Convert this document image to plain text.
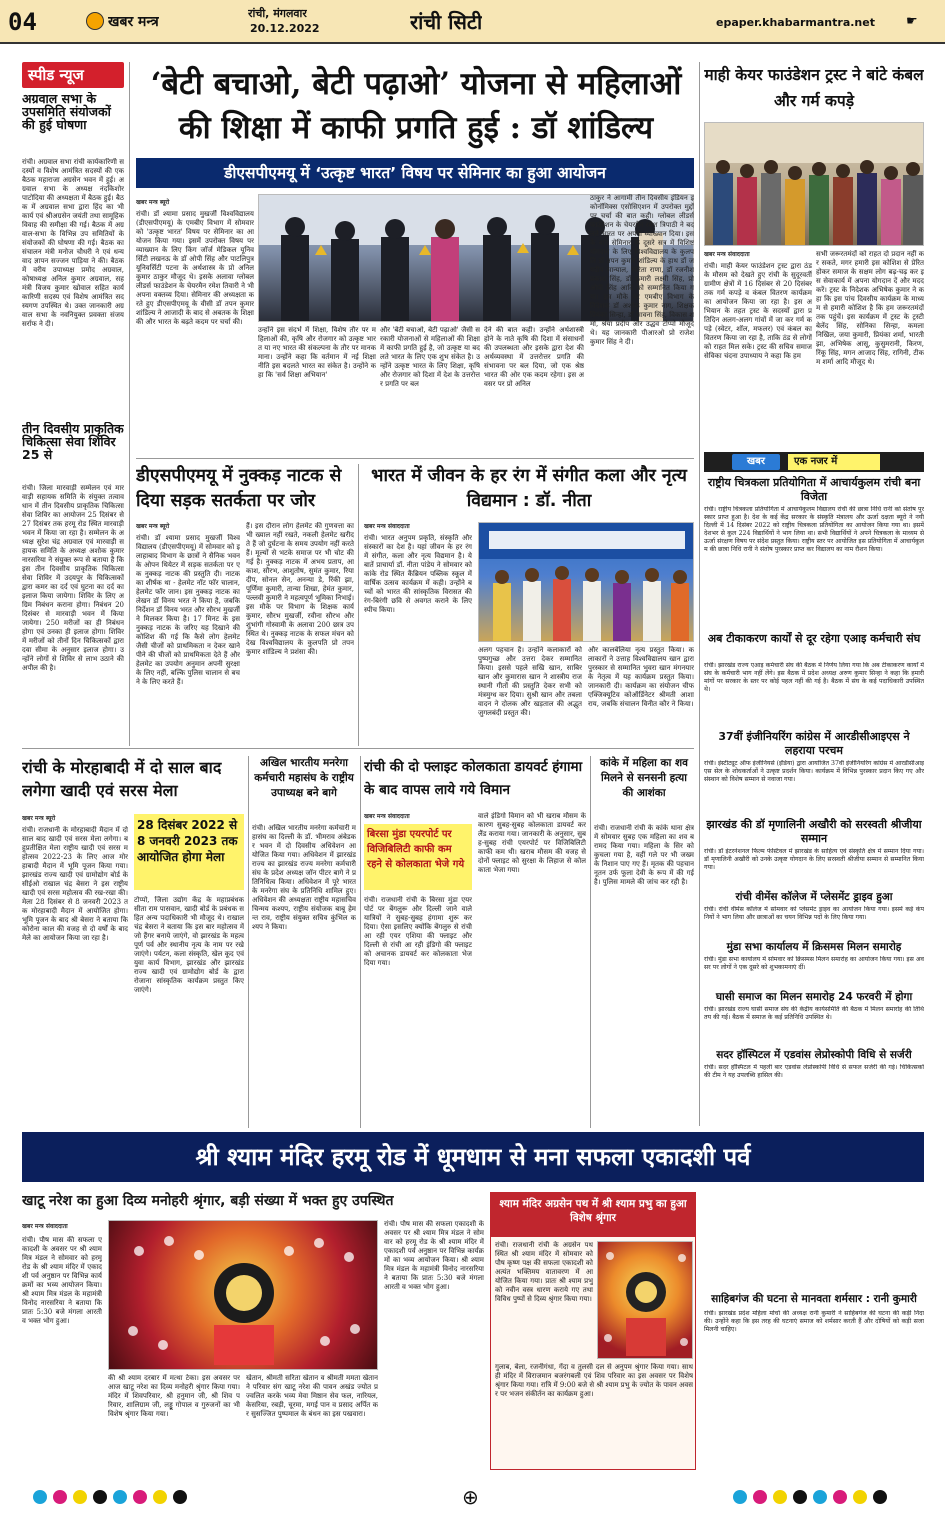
04	खबर मन्त्र
रांची, मंगलवार
20.12.2022	रांची सिटी	epaper.khabarmantra.net ☛
स्पीड न्यूज
अग्रवाल सभा के उपसमिति संयोजकों की हुई घोषणा
रांची। अग्रवाल सभा रांची कार्यकारिणी सदस्यों व विशेष आमंत्रित सदस्यों की एक बैठक महाराजा अग्रसेन भवन में हुई। अग्रवाल सभा के अध्यक्ष नंदकिशोर पाटोदिया की अध्यक्षता में बैठक हुई। बैठक में अग्रवाल सभा द्वारा हिंद का भी कार्य एवं श्रीअग्रसेन जयंती तथा सामूहिक विवाह की समीक्षा की गई। बैठक में अग्रवाल-सभा के विभिन्न उप समितियों के संयोजकों की घोषणा की गई। बैठक का संचालन मंत्री मनोज चौधरी ने एवं धन्यवाद ज्ञापन सज्जन पाड़िया ने की। बैठक में वरीय उपाध्यक्ष प्रमोद अग्रवाल, कोषाध्यक्ष अनिल कुमार अग्रवाल, सहमंत्री विजय कुमार खोवाल सहित कार्यकारिणी सदस्य एवं विशेष आमंत्रित सदस्यगण उपस्थित थे। उक्त जानकारी अग्रवाल सभा के नवनियुक्त प्रवक्ता संजय सर्राफ ने दी।
तीन दिवसीय प्राकृतिक चिकित्सा सेवा शिविर 25 से
रांची। जिला मारवाड़ी सम्मेलन एवं मारवाड़ी सहायक समिति के संयुक्त तत्वावधान में तीन दिवसीय प्राकृतिक चिकित्सा सेवा शिविर का आयोजन 25 दिसंबर से 27 दिसंबर तक हरमू रोड स्थित मारवाड़ी भवन में किया जा रहा है। सम्मेलन के अध्यक्ष सुरेश चंद्र अग्रवाल एवं मारवाड़ी सहायक समिति के अध्यक्ष अशोक कुमार नारसरिया ने संयुक्त रूप से बताया है कि इस तीन दिवसीय प्राकृतिक चिकित्सा सेवा शिविर में उदयपुर के चिकित्सकों द्वारा कमर का दर्द एवं घुटना का दर्द का इलाज किया जायेगा। शिविर के लिए अग्रिम निबंधन कराना होगा। निबंधन 20 दिसंबर से मारवाड़ी भवन में किया जायेगा। 250 मरीजों का ही निबंधन होगा एवं उनका ही इलाज होगा। शिविर में मरीजों को तीनों दिन चिकित्सकों द्वारा दवा सीमा के अनुसार इलाज होगा। उन्होंने लोगों से शिविर से लाभ उठाने की अपील की है।
‘बेटी बचाओ, बेटी पढ़ाओ’ योजना से महिलाओं की शिक्षा में काफी प्रगति हुई : डॉ शांडिल्य
डीएसपीएमयू में ‘उत्कृष्ट भारत’ विषय पर सेमिनार का हुआ आयोजन
खबर मन्त्र ब्यूरो
रांची। डॉ श्यामा प्रसाद मुखर्जी विश्वविद्यालय (डीएसपीएमयू) के एमबीए विभाग में सोमवार को 'उत्कृष्ट भारत' विषय पर सेमिनार का आयोजन किया गया। इसमें उपरोक्त विषय पर व्याख्यान के लिए किंग जॉर्ज मेडिकल यूनिवर्सिटी लखनऊ के डॉ ओपी सिंह और पाटलिपुत्र यूनिवर्सिटी पटना के अर्थशास्त्र के प्रो अनिल कुमार ठाकुर मौजूद थे। इसके अलावा ग्लोबल लीडर्स फाउंडेशन के चेयरमैन रमेश तिवारी ने भी अपना वक्तव्य दिया। सेमिनार की अध्यक्षता करते हुए डीएसपीएमयू के वीसी डॉ तपन कुमार शांडिल्य ने आजादी के बाद से अबतक के शिक्षा की और भारत के बढ़ते कदम पर चर्चा की।
उन्होंने इस संदर्भ में शिक्षा, विशेष तौर पर महिलाओं की, कृषि और रोजगार को उत्कृष्ट भारत या नए भारत की संकल्पना के तौर पर मानक माना। उन्होंने कहा कि वर्तमान में नई शिक्षा नीति इस बदलते भारत का संकेत है। उन्होंने कहा कि 'सर्व शिक्षा अभियान'
और 'बेटी बचाओ, बेटी पढ़ाओ' जैसी सरकारी योजनाओं से महिलाओं की शिक्षा में काफी प्रगति हुई है, जो उत्कृष्ट या बदलते भारत के लिए एक शुभ संकेत है। उन्होंने उत्कृष्ट भारत के लिए शिक्षा, कृषि और रोजगार को दिशा में देश के उत्तरोत्तर प्रगति पर बल
देने की बात कही। उन्होंने अर्थशास्त्री होने के नाते कृषि की दिशा में संसाधनों की उपलब्धता और इसके द्वारा देश की अर्थव्यवस्था में उत्तरोत्तर प्रगति की संभावना पर बल दिया, जो एक श्रेष्ठ भारत की ओर एक कदम रहेगा। इस अवसर पर प्रो अनिल
ठाकुर ने आगामी तीन दिवसीय इंडियन इकोनॉमिक्स एसोसिएशन में उपरोक्त मुद्दों पर चर्चा की बात कही। ग्लोबल लीडर्स फाउंडेशन के चेयरमैन रमेश त्रिपाठी ने बदलते भारत पर अपना व्याख्यान दिया। इसके बाद सेमिनार के दूसरे सत्र में विशिष्ट योगदान के लिए विश्वविद्यालय के कुलपति डॉ तपन कुमार शांडिल्य के हाथ डॉ जयदीप सान्याल, सरिता राणा, डॉ रजनीश प्रकाश सिंह, डॉ कुमारी लक्ष्मी सिंह, प्रो ओपी सिंह आदि को सम्मानित किया गया। इस मौके पर एमबीए विभाग के निदेशक डॉ अशोक कुमार नाग, शिक्षक प्रियंका सिन्हा, डॉ भावना सिंह, विकास शर्मा, श्रेया प्रदीप और उद्धव टोप्पो मौजूद थे। यह जानकारी पीआरओ प्रो राजेश कुमार सिंह ने दी।
डीएसपीएमयू में नुक्कड़ नाटक से दिया सड़क सतर्कता पर जोर
खबर मन्त्र ब्यूरो
रांची। डॉ श्यामा प्रसाद मुखर्जी विश्वविद्यालय (डीएसपीएमयू) में सोमवार को इलाहाबाद विभाग के छात्रों ने सैनिक भवन के ओपन थियेटर में सड़क सतर्कता पर एक नुक्कड़ नाटक की प्रस्तुति दी। नाटक का शीर्षक था - हेलमेट नॉट फॉर चालान, हेलमेट फॉर जान। इस नुक्कड़ नाटक का लेखन डॉ विनय भरत ने किया है, जबकि निर्देशन डॉ विनय भरत और सौरभ मुखर्जी ने मिलकर किया है। 17 मिनट के इस नुक्कड़ नाटक के जरिए यह दिखाने की कोशिश की गई कि कैसे लोग हेलमेट जैसी चीजों को प्राथमिकता न देकर खाने पीने की चीजों को प्राथमिकता देते हैं और हेलमेट का उपयोग अनुमान अपनी सुरक्षा के लिए नहीं, बल्कि पुलिस चालान से बचने के लिए करते हैं।
हैं। इस दौरान लोग हेलमेट की गुणवत्ता का भी ख्याल नहीं रखते, नकली हेलमेट खरीदते हैं जो दुर्घटना के समय उपयोग नहीं करते हैं। मूल्यों से भटके समाज पर भी चोट की गई है। नुक्कड़ नाटक में अभय प्रताप, आकाश, सौरभ, आशुतोष, सुमंत कुमार, रिया दीप, सोनल सेन, अनन्या डे, रिंकी झा, पूर्णिमा कुमारी, तान्या शिखा, हेमंत कुमार, पल्लवी कुमारी ने महत्वपूर्ण भूमिका निभाई। इस मौके पर विभाग के शिक्षक कार्य कुमार, सौरभ मुखर्जी, रवीना सौरभ और शुभांगी गोस्वामी के अलावा 200 छात्र उपस्थित थे। नुक्कड़ नाटक के सफल मंचन को देख विश्वविद्यालय के कुलपति प्रो तपन कुमार शांडिल्य ने प्रशंसा की।
भारत में जीवन के हर रंग में संगीत कला और नृत्य विद्यमान : डॉ. नीता
खबर मन्त्र संवाददाता
रांची। भारत अनुपम प्रकृति, संस्कृति और संस्कारों का देश है। यहां जीवन के हर रंग में संगीत, कला और नृत्य विद्यमान है। ये बातें प्राचार्या डॉ. नीता पांडेय ने सोमवार को कांके रोड स्थित कैंब्रियन पब्लिक स्कूल में वार्षिक उत्सव कार्यक्रम में कही। उन्होंने बच्चों को भारत की सांस्कृतिक विरासत की रंग-बिरंगी छवि से अवगत कराने के लिए स्पीच किया।
अलग पहचान है। उन्होंने कलाकारों को पुष्पगुच्छ और उत्तरा देकर सम्मानित किया। इससे पहले सखि खान, साबिर खान और कुमारास खान ने शास्त्रीय राजस्थानी गीतों की प्रस्तुति देकर सभी को मंत्रमुग्ध कर दिया। सुश्री खान और तबला वादन ने दोलक और खड़ताल की अद्भुत जुगलबंदी प्रस्तुत की।
और कालबेलिया नृत्य प्रस्तुत किया। कलाकारों ने उत्ताह विश्वविद्यालय खान द्वारा पुरस्कार से सम्मानित भुवरा खान मंगनयार के नेतृत्व में यह कार्यक्रम प्रस्तुत किया। जानकारी दी। कार्यक्रम का संयोजन चीफ एक्जिक्यूटिव कोऑर्डिनेटर श्रीमती आशा राय, जबकि संचालन विनीत कौर ने किया।
रांची के मोरहाबादी में दो साल बाद लगेगा खादी एवं सरस मेला
खबर मन्त्र ब्यूरो
रांची। राजधानी के मोरहाबादी मैदान में दो साल बाद खादी एवं सरस मेला लगेगा। बहुप्रतीक्षित मेला राष्ट्रीय खादी एवं सरस महोत्सव 2022-23 के लिए आज मोरहाबादी मैदान में भूमि पूजन किया गया। झारखंड राज्य खादी एवं ग्रामोद्योग बोर्ड के सीईओ राखाल चंद्र बेसरा ने इस राष्ट्रीय खादी एवं सरस महोत्सव की रख-रखा की। मेला 28 दिसंबर से 8 जनवरी 2023 तक मोरहाबादी मैदान में आयोजित होगा। भूमि पूजन के बाद श्री बेसरा ने बताया कि कोरोना काल की वजह से दो वर्षों के बाद मेले का आयोजन किया जा रहा है।
28 दिसंबर 2022 से 8 जनवरी 2023 तक आयोजित होगा मेला
टोप्पो, जिला उद्योग केंद्र के महाप्रबंधक सीता राम पासवान, खादी बोर्ड के प्रबंधक सहित अन्य पदाधिकारी भी मौजूद थे। राखाल चंद्र बेसरा ने बताया कि इस बार महोत्सव में जो हैंगर बनाये जाएंगे, वो झारखंड के महत्वपूर्ण पर्व और स्थानीय नृत्य के नाम पर रखे जाएंगे। पर्यटन, कला संस्कृति, खेल कूद एवं युवा कार्य विभाग, झारखंड और झारखंड राज्य खादी एवं ग्रामोद्योग बोर्ड के द्वारा रोजाना सांस्कृतिक कार्यक्रम प्रस्तुत किए जाएंगे।
अखिल भारतीय मनरेगा कर्मचारी महासंघ के राष्ट्रीय उपाध्यक्ष बने बागे
रांची। अखिल भारतीय मनरेगा कर्मचारी महासंघ का दिल्ली के डॉ. भीमराव अंबेडकर भवन में दो दिवसीय अधिवेशन आयोजित किया गया। अधिवेशन में झारखंड राज्य का झारखंड राज्य मनरेगा कर्मचारी संघ के प्रदेश अध्यक्ष जॉन पीटर बागे ने प्रतिनिधित्व किया। अधिवेशन में पूरे भारत के मनरेगा संघ के प्रतिनिधि शामिल हुए। अधिवेशन की अध्यक्षता राष्ट्रीय महासचिव चिन्मय कश्यप, राष्ट्रीय संयोजक बाबू हेमन्त राव, राष्ट्रीय संयुक्त सचिव कुंभिल कश्यप ने किया।
रांची की दो फ्लाइट कोलकाता डायवर्ट हंगामा के बाद वापस लाये गये विमान
खबर मन्त्र संवाददाता
बिरसा मुंडा एयरपोर्ट पर विजिबिलिटी काफी कम रहने से कोलकाता भेजे गये
रांची। राजधानी रांची के बिरसा मुंडा एयरपोर्ट पर बेंगलुरू और दिल्ली जाने वाले यात्रियों ने सुबह-सुबह हंगामा शुरू कर दिया। ऐसा इसलिए क्योंकि बेंगलुरु से रांची आ रही एयर एशिया की फ्लाइट और दिल्ली से रांची आ रही इंडिगो की फ्लाइट को अचानक डायवर्ट कर कोलकाता भेज दिया गया।
वाले इंडिगो विमान को भी खराब मौसम के कारण सुबह-सुबह कोलकाता डायवर्ट कर लैंड कराया गया। जानकारी के अनुसार, सुबह-सुबह रांची एयरपोर्ट पर विजिबिलिटी काफी कम थी। खराब मौसम की वजह से दोनों फ्लाइट को सुरक्षा के लिहाज से कोलकाता भेजा गया।
कांके में महिला का शव मिलने से सनसनी हत्या की आशंका
रांची। राजधानी रांची के कांके थाना क्षेत्र में सोमवार सुबह एक महिला का शव बरामद किया गया। महिला के सिर को कुचला गया है, वहीं गले पर भी जख्म के निशान पाए गए हैं। मृतक की पहचान नूतन उर्फ फूला देवी के रूप में की गई है। पुलिस मामले की जांच कर रही है।
माही केयर फाउंडेशन ट्रस्ट ने बांटे कंबल और गर्म कपड़े
खबर मन्त्र संवाददाता
रांची। माही केयर फाउंडेशन ट्रस्ट द्वारा ठंड के मौसम को देखते हुए रांची के सुदूरवर्ती ग्रामीण क्षेत्रों में 16 दिसंबर से 20 दिसंबर तक गर्म कपड़े व कंबल वितरण कार्यक्रम का आयोजन किया जा रहा है। इस अभियान के तहत ट्रस्ट के सदस्यों द्वारा प्रतिदिन अलग-अलग गांवों में जा कर गर्म कपड़े (स्वेटर, शॉल, मफलर) एवं कंबल का वितरण किया जा रहा है, ताकि ठंड से लोगों को राहत मिल सके। ट्रस्ट की सचिव समाजसेविका चंदना उपाध्याय ने कहा कि हम
सभी जरूरतमंदों को राहत दो प्रदान नहीं कर सकते, मगर हमारी इस कोशिश से प्रेरित होकर समाज के सक्षम लोग बढ़-चढ़ कर इस सेवाकार्य में अपना योगदान दें और मदद करें। ट्रस्ट के निदेशक अभिषेक कुमार ने कहा कि इस पांच दिवसीय कार्यक्रम के माध्यम से हमारी कोशिश है कि हम जरूरतमंदों तक पहुंचें। इस कार्यक्रम में ट्रस्ट के ट्रस्टी बेलेंद सिंह, सोनिका सिन्हा, कमला निखिल, जया कुमारी, प्रियंका शर्मा, भारती झा, अभिषेक आसू, कुसुमरानी, किरण, रिंकू सिंह, मगन आजाद सिंह, रागिनी, टीकम शर्मा आदि मौजूद थे।
खबर	एक नजर में
राष्ट्रीय चित्रकला प्रतियोगिता में आचार्यकुलम रांची बना विजेता
रांची। राष्ट्रीय चित्रकला प्रतियोगिता में आचार्यकुलम विद्यालय रांची की छात्रा निधि रानी को संतोष पुरस्कार प्राप्त हुआ है। देश के कई केंद्र सरकार के संस्कृति मंत्रालय और ऊर्जा दक्षता ब्यूरो ने नयी दिल्ली में 14 दिसंबर 2022 को राष्ट्रीय चित्रकला प्रतियोगिता का आयोजन किया गया था। इसमें देशभर से कुल 224 विद्यार्थियों ने भाग लिया था। सभी विद्यार्थियों ने अपने चित्रकला के माध्यम से ऊर्जा संरक्षण विषय पर संदेश प्रस्तुत किया। राष्ट्रीय स्तर पर आयोजित इस प्रतियोगिता में आचार्यकुलम की छात्रा निधि रानी ने संतोष पुरस्कार प्राप्त कर विद्यालय का नाम रौशन किया।
अब टीकाकरण कार्यों से दूर रहेगा एआइ कर्मचारी संघ
रांची। झारखंड राज्य एआइ कर्मचारी संघ की बैठक में निर्णय लिया गया कि अब टीकाकरण कार्यों में संघ के कर्मचारी भाग नहीं लेंगे। इस बैठक में प्रदेश अध्यक्ष अरुण कुमार सिन्हा ने कहा कि हमारी मांगों पर सरकार के स्तर पर कोई पहल नहीं की गई है। बैठक में संघ के कई पदाधिकारी उपस्थित थे।
37वीं इंजीनियरिंग कांग्रेस में आरडीसीआइएस ने लहराया परचम
रांची। इंस्टीट्यूट ऑफ इंजीनियर्स (इंडिया) द्वारा आयोजित 37वीं इंजीनियरिंग कांग्रेस में आरडीसीआइएस सेल के शोधकर्ताओं ने उत्कृष्ट प्रदर्शन किया। कार्यक्रम में विभिन्न पुरस्कार प्रदान किए गए और संस्थान को विशेष सम्मान से नवाजा गया।
झारखंड की डॉ मृणालिनी अखौरी को सरस्वती श्रीजीया सम्मान
रांची। डॉ इंटरनेशनल फिल्म फेस्टिवल में झारखंड के साहित्य एवं संस्कृति क्षेत्र में सम्मान दिया गया। डॉ मृणालिनी अखौरी को उनके उत्कृष्ट योगदान के लिए सरस्वती श्रीजीया सम्मान से सम्मानित किया गया।
रांची वीमेंस कॉलेज में प्लेसमेंट ड्राइव हुआ
रांची। रांची वीमेंस कॉलेज में सोमवार को प्लेसमेंट ड्राइव का आयोजन किया गया। इसमें कई कंपनियों ने भाग लिया और छात्राओं का चयन विभिन्न पदों के लिए किया गया।
मुंडा सभा कार्यालय में क्रिसमस मिलन समारोह
रांची। मुंडा सभा कार्यालय में सोमवार को क्रिसमस मिलन समारोह का आयोजन किया गया। इस अवसर पर लोगों ने एक दूसरे को शुभकामनाएं दीं।
घासी समाज का मिलन समारोह 24 फरवरी में होगा
रांची। झारखंड राज्य घासी समाज संघ की केंद्रीय कार्यसमिति की बैठक में मिलन समारोह की तिथि तय की गई। बैठक में समाज के कई प्रतिनिधि उपस्थित थे।
सदर हॉस्पिटल में एडवांस लेप्रोस्कोपी विधि से सर्जरी
रांची। सदर हॉस्पिटल में पहली बार एडवांस लेप्रोस्कोपी विधि से सफल सर्जरी की गई। चिकित्सकों की टीम ने यह उपलब्धि हासिल की।
साहिबगंज की घटना से मानवता शर्मसार : रानी कुमारी
रांची। झारखंड प्रदेश महिला मोर्चा की अध्यक्ष रानी कुमारी ने साहिबगंज की घटना की कड़ी निंदा की। उन्होंने कहा कि इस तरह की घटनाएं समाज को शर्मसार करती हैं और दोषियों को कड़ी सजा मिलनी चाहिए।
श्री श्याम मंदिर हरमू रोड में धूमधाम से मना सफला एकादशी पर्व
खाटू नरेश का हुआ दिव्य मनोहरी श्रृंगार, बड़ी संख्या में भक्त हुए उपस्थित
खबर मन्त्र संवाददाता
रांची। पौष मास की सफला एकादशी के अवसर पर श्री श्याम मित्र मंडल ने सोमवार को हरमू रोड के श्री श्याम मंदिर में एकादशी पर्व अनुष्ठान पर विभिन्न कार्यक्रमों का भव्य आयोजन किया। श्री श्याम मित्र मंडल के महामंत्री विनोद नारसरिया ने बताया कि प्रातः 5:30 बजे मंगला आरती व भक्त भोग हुआ।
की श्री श्याम दरबार में मत्था टेका। इस अवसर पर आज खाटू नरेश का दिव्य मनोहरी श्रृंगार किया गया। मंदिर में शिवपरिवार, श्री हनुमान जी, श्री शिव परिवार, शालिग्राम जी, लड्डू गोपाल व गुरुजनों का भी विशेष श्रृंगार किया गया।
खेतान, श्रीमती सरिता खेतान व श्रीमती ममता खेतान ने परिवार संग खाटू नरेश की पावन अखंड ज्योत प्रज्वलित करके भव्य मेवा मिष्ठान सेव फल, नारियल, केसरिया, रबड़ी, चूरमा, मगई पान व प्रसाद अर्पित कर सुसज्जित पुष्पमाल के बंधन का इस पखवारा।
श्याम मंदिर अग्रसेन पथ में श्री श्याम प्रभु का हुआ विशेष श्रृंगार
रांची। राजधानी रांची के अग्रसेन पथ स्थित श्री श्याम मंदिर में सोमवार को पौष कृष्ण पक्ष की सफला एकादशी को अत्यंत भक्तिमय वातावरण में आयोजित किया गया। प्रातः श्री श्याम प्रभु को नवीन वस्त्र धारण कराये गए तथा विविध पुष्पों से दिव्य श्रृंगार किया गया।
गुलाब, बेला, रजनीगंधा, गेंदा व तुलसी दल से अनुपम श्रृंगार किया गया। साथ ही मंदिर में विराजमान बजरंगबली एवं शिव परिवार का इस अवसर पर विशेष श्रृंगार किया गया। रात्रि में 9:00 बजे से श्री श्याम प्रभु के ज्योत के पावन अवसर पर भजन संकीर्तन का कार्यक्रम हुआ।
रांची। पौष मास की सफला एकादशी के अवसर पर श्री श्याम मित्र मंडल ने सोमवार को हरमू रोड के श्री श्याम मंदिर में एकादशी पर्व अनुष्ठान पर विभिन्न कार्यक्रमों का भव्य आयोजन किया। श्री श्याम मित्र मंडल के महामंत्री विनोद नारसरिया ने बताया कि प्रातः 5:30 बजे मंगला आरती व भक्त भोग हुआ।
⊕
